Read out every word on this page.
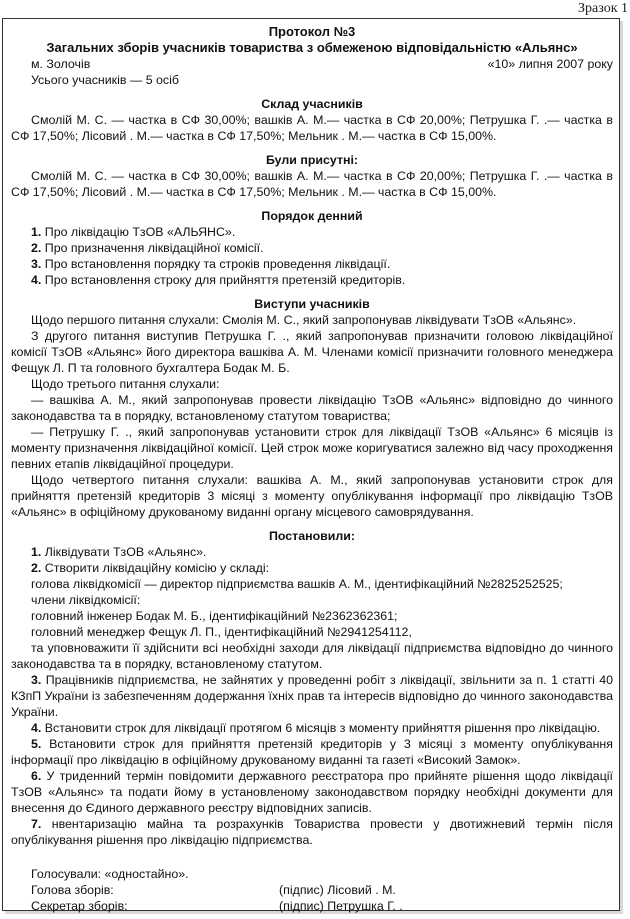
Зразок 1
Протокол №3
Загальних зборів учасників товариства з обмеженою відповідальністю «Альянс»
м. Золочів	«10» липня 2007 року
Усього учасників — 5 осіб
Склад учасників
Смолій М. С. — частка в СФ 30,00%; вашків А. М.— частка в СФ 20,00%; Петрушка Г. .— частка в СФ 17,50%; Лісовий . М.— частка в СФ 17,50%; Мельник . М.— частка в СФ 15,00%.
Були присутні:
Смолій М. С. — частка в СФ 30,00%; вашків А. М.— частка в СФ 20,00%; Петрушка Г. .— частка в СФ 17,50%; Лісовий . М.— частка в СФ 17,50%; Мельник . М.— частка в СФ 15,00%.
Порядок денний
1. Про ліквідацію ТзОВ «АЛЬЯНС».
2. Про призначення ліквідаційної комісії.
3. Про встановлення порядку та строків проведення ліквідації.
4. Про встановлення строку для прийняття претензій кредиторів.
Виступи учасників
Щодо першого питання слухали: Смолія М. С., який запропонував ліквідувати ТзОВ «Альянс».
З другого питання виступив Петрушка Г. ., який запропонував призначити головою ліквідаційної комісії ТзОВ «Альянс» його директора вашківа А. М. Членами комісії призначити головного менеджера Фещук Л. П та головного бухгалтера Бодак М. Б.
Щодо третього питання слухали:
— вашківа А. М., який запропонував провести ліквідацію ТзОВ «Альянс» відповідно до чинного законодавства та в порядку, встановленому статутом товариства;
— Петрушку Г. ., який запропонував установити строк для ліквідації ТзОВ «Альянс» 6 місяців із моменту призначення ліквідаційної комісії. Цей строк може коригуватися залежно від часу проходження певних етапів ліквідаційної процедури.
Щодо четвертого питання слухали: вашківа А. М., який запропонував установити строк для прийняття претензій кредиторів 3 місяці з моменту опублікування інформації про ліквідацію ТзОВ «Альянс» в офіційному друкованому виданні органу місцевого самоврядування.
Постановили:
1. Ліквідувати ТзОВ «Альянс».
2. Створити ліквідаційну комісію у складі:
голова ліквідкомісії — директор підприємства вашків А. М., ідентифікаційний №2825252525;
члени ліквідкомісії:
головний інженер Бодак М. Б., ідентифікаційний №2362362361;
головний менеджер Фещук Л. П., ідентифікаційний №2941254112,
та уповноважити її здійснити всі необхідні заходи для ліквідації підприємства відповідно до чинного законодавства та в порядку, встановленому статутом.
3. Працівників підприємства, не зайнятих у проведенні робіт з ліквідації, звільнити за п. 1 статті 40 КЗпП України із забезпеченням додержання їхніх прав та інтересів відповідно до чинного законодавства України.
4. Встановити строк для ліквідації протягом 6 місяців з моменту прийняття рішення про ліквідацію.
5. Встановити строк для прийняття претензій кредиторів у 3 місяці з моменту опублікування інформації про ліквідацію в офіційному друкованому виданні та газеті «Високий Замок».
6. У триденний термін повідомити державного реєстратора про прийняте рішення щодо ліквідації ТзОВ «Альянс» та подати йому в установленому законодавством порядку необхідні документи для внесення до Єдиного державного реєстру відповідних записів.
7. нвентаризацію майна та розрахунків Товариства провести у двотижневий термін після опублікування рішення про ліквідацію підприємства.
Голосували: «одностайно».
Голова зборів:	(підпис) Лісовий . М.
Секретар зборів:	(підпис) Петрушка Г. .
